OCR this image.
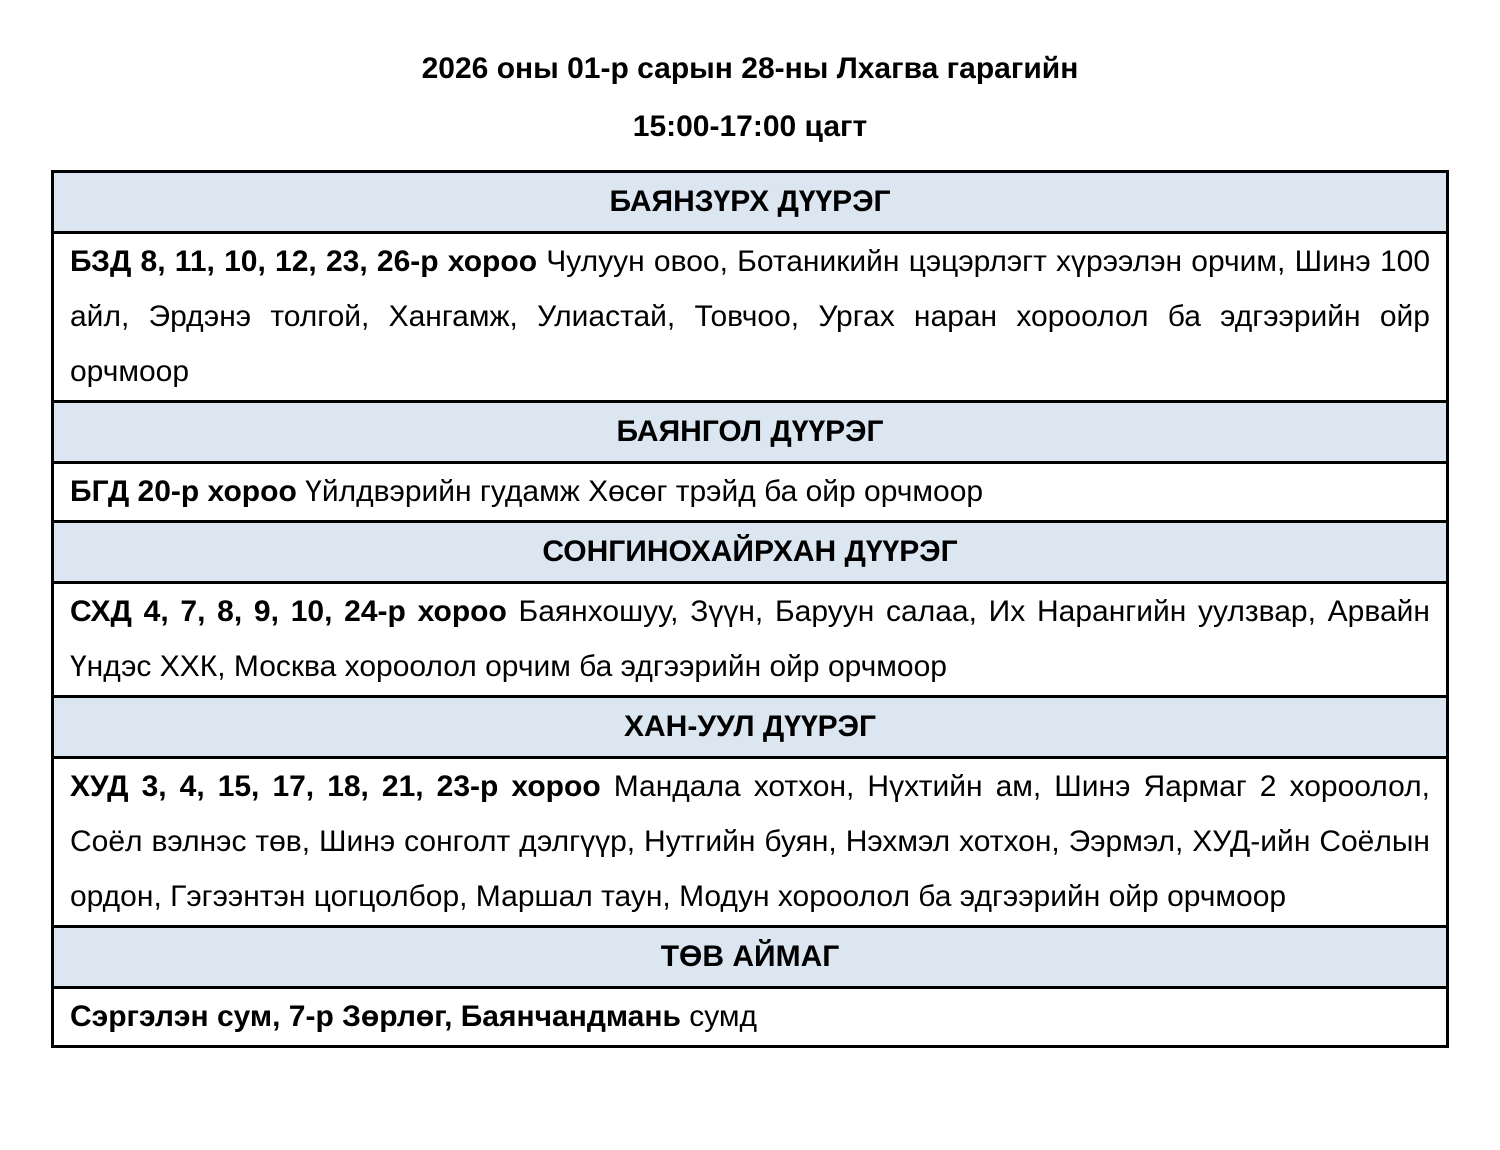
2026 оны 01-р сарын 28-ны Лхагва гарагийн
15:00-17:00 цагт
БАЯНЗҮРХ ДҮҮРЭГ
БЗД 8, 11, 10, 12, 23, 26-р хороо Чулуун овоо, Ботаникийн цэцэрлэгт хүрээлэн орчим, Шинэ 100 айл, Эрдэнэ толгой, Хангамж, Улиастай, Товчоо, Ургах наран хороолол ба эдгээрийн ойр орчмоор
БАЯНГОЛ ДҮҮРЭГ
БГД 20-р хороо Үйлдвэрийн гудамж Хөсөг трэйд ба ойр орчмоор
СОНГИНОХАЙРХАН ДҮҮРЭГ
СХД 4, 7, 8, 9, 10, 24-р хороо Баянхошуу, Зүүн, Баруун салаа, Их Нарангийн уулзвар, Арвайн Үндэс ХХК, Москва хороолол орчим ба эдгээрийн ойр орчмоор
ХАН-УУЛ ДҮҮРЭГ
ХУД 3, 4, 15, 17, 18, 21, 23-р хороо Мандала хотхон, Нүхтийн ам, Шинэ Яармаг 2 хороолол, Соёл вэлнэс төв, Шинэ сонголт дэлгүүр, Нутгийн буян, Нэхмэл хотхон, Ээрмэл, ХУД-ийн Соёлын ордон, Гэгээнтэн цогцолбор, Маршал таун, Модун хороолол ба эдгээрийн ойр орчмоор
ТӨВ АЙМАГ
Сэргэлэн сум, 7-р Зөрлөг, Баянчандмань сумд
